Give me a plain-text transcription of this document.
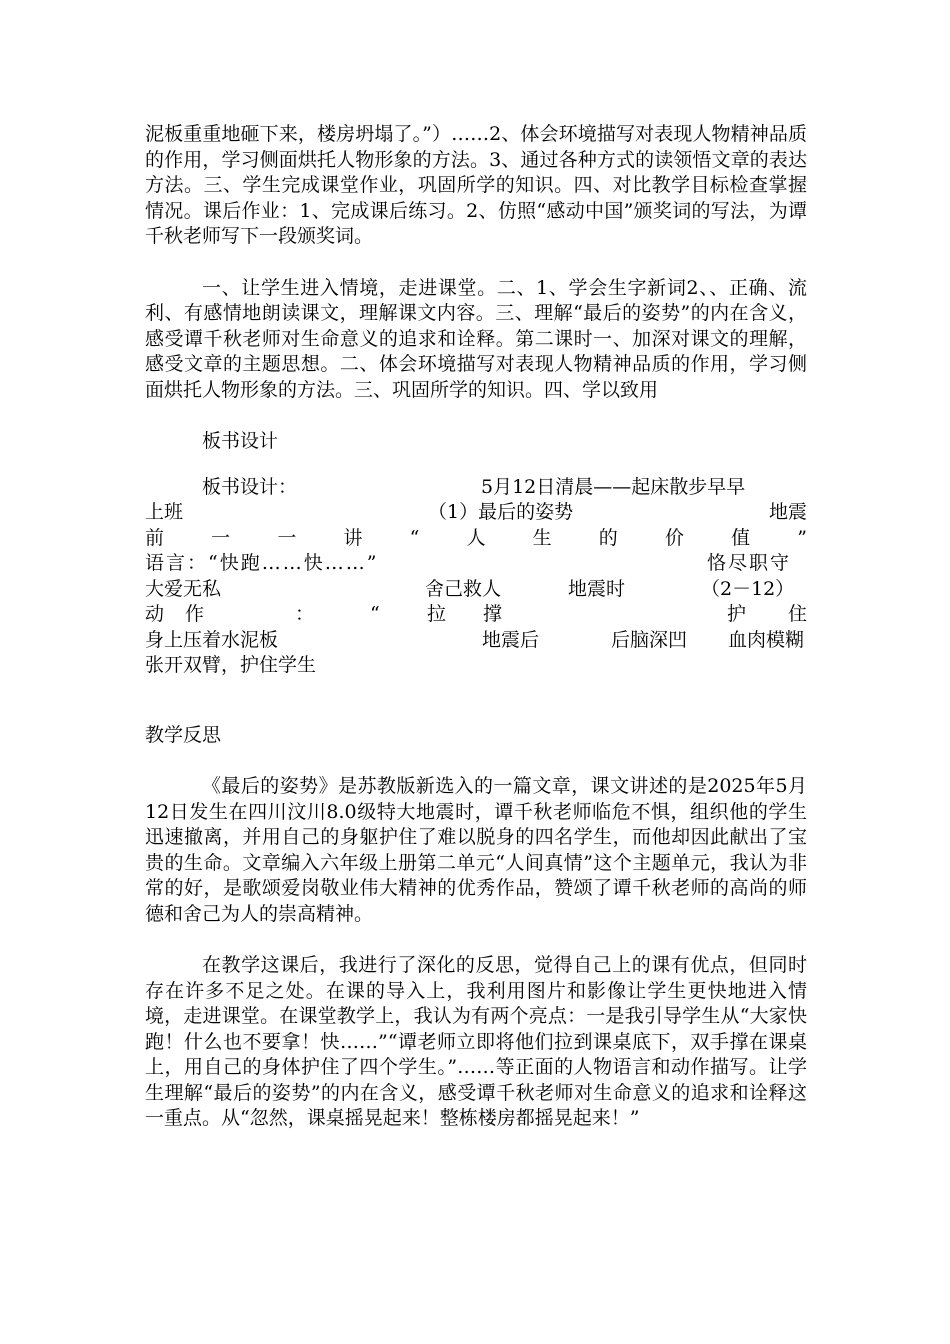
泥板重重地砸下来，楼房坍塌了。”）……2、体会环境描写对表现人物精神品质的作用，学习侧面烘托人物形象的方法。3、通过各种方式的读领悟文章的表达方法。三、学生完成课堂作业，巩固所学的知识。四、对比教学目标检查掌握情况。课后作业：1、完成课后练习。2、仿照“感动中国”颁奖词的写法，为谭千秋老师写下一段颁奖词。

一、让学生进入情境，走进课堂。二、1、学会生字新词2、、正确、流利、有感情地朗读课文，理解课文内容。三、理解“最后的姿势”的内在含义，感受谭千秋老师对生命意义的追求和诠释。第二课时一、加深对课文的理解，感受文章的主题思想。二、体会环境描写对表现人物精神品质的作用，学习侧面烘托人物形象的方法。三、巩固所学的知识。四、学以致用

板书设计

板书设计：	5月12日清晨——起床散步早早
上班	（1）最后的姿势	地震
前 一 一 讲 “ 人 生 的 价 值 ”
语言：“快跑……快……”	恪尽职守
大爱无私	舍己救人	地震时	（2－12）
动 作	：	“ 拉 撑	护 住
身上压着水泥板	地震后	后脑深凹 血肉模糊
张开双臂，护住学生

教学反思

《最后的姿势》是苏教版新选入的一篇文章，课文讲述的是2025年5月12日发生在四川汶川8.0级特大地震时，谭千秋老师临危不惧，组织他的学生迅速撤离，并用自己的身躯护住了难以脱身的四名学生，而他却因此献出了宝贵的生命。文章编入六年级上册第二单元“人间真情”这个主题单元，我认为非常的好，是歌颂爱岗敬业伟大精神的优秀作品，赞颂了谭千秋老师的高尚的师德和舍己为人的崇高精神。

在教学这课后，我进行了深化的反思，觉得自己上的课有优点，但同时存在许多不足之处。在课的导入上，我利用图片和影像让学生更快地进入情境，走进课堂。在课堂教学上，我认为有两个亮点：一是我引导学生从“大家快跑！什么也不要拿！快……”“谭老师立即将他们拉到课桌底下，双手撑在课桌上，用自己的身体护住了四个学生。”……等正面的人物语言和动作描写。让学生理解“最后的姿势”的内在含义，感受谭千秋老师对生命意义的追求和诠释这一重点。从“忽然，课桌摇晃起来！整栋楼房都摇晃起来！”
